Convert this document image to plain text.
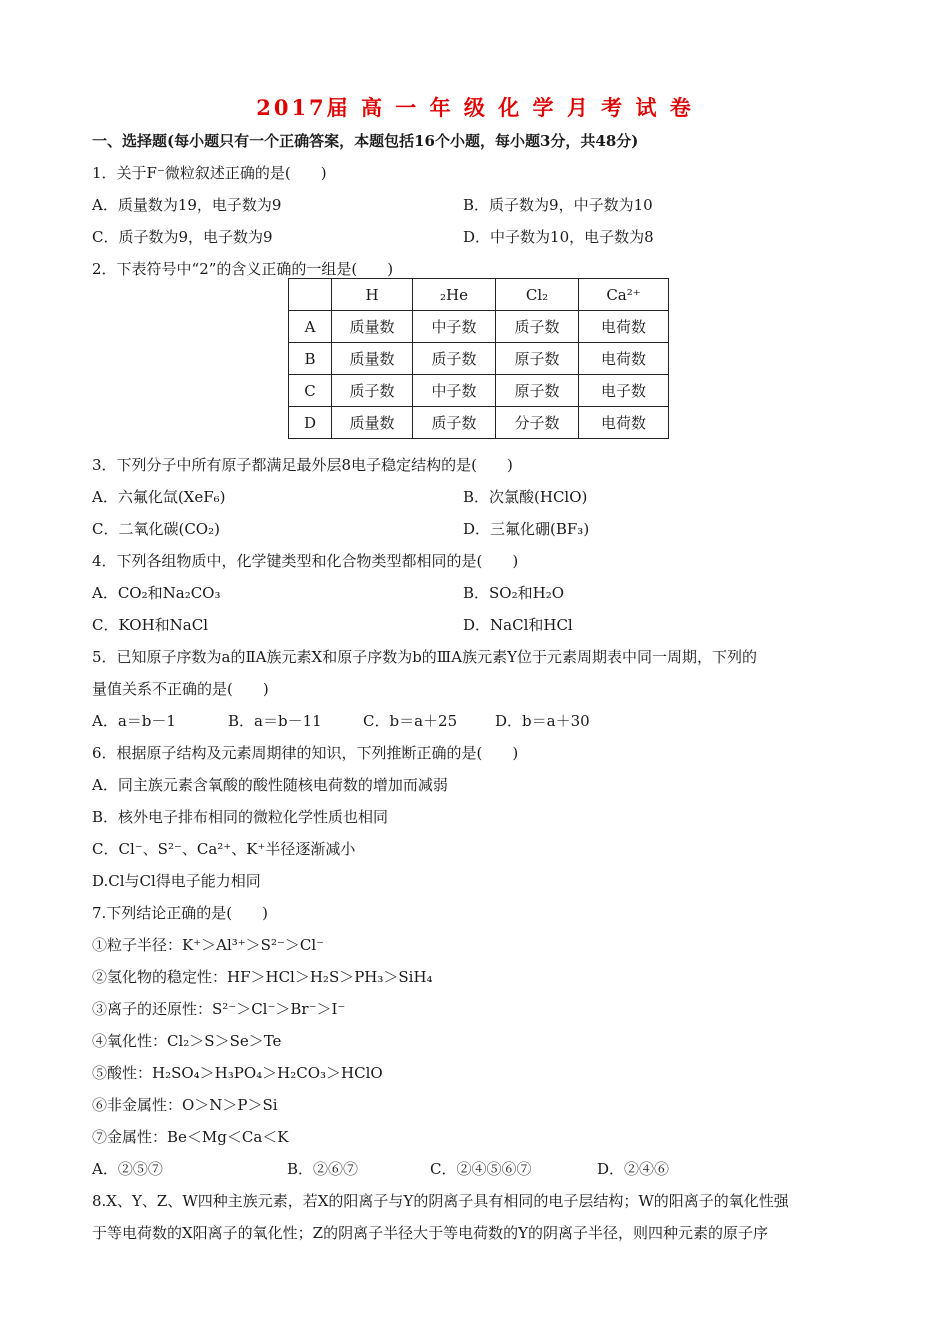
2017届 高 一 年 级 化 学 月 考 试 卷
一、选择题(每小题只有一个正确答案，本题包括16个小题，每小题3分，共48分)
1．关于F⁻微粒叙述正确的是(　　)
A．质量数为19，电子数为9	B．质子数为9，中子数为10
C．质子数为9，电子数为9	D．中子数为10，电子数为8
2．下表符号中“2”的含义正确的一组是(　　)
	H	₂He	Cl₂	Ca²⁺
A	质量数	中子数	质子数	电荷数
B	质量数	质子数	原子数	电荷数
C	质子数	中子数	原子数	电子数
D	质量数	质子数	分子数	电荷数
3．下列分子中所有原子都满足最外层8电子稳定结构的是(　　)
A．六氟化氙(XeF₆)	B．次氯酸(HClO)
C．二氧化碳(CO₂)	D．三氟化硼(BF₃)
4．下列各组物质中，化学键类型和化合物类型都相同的是(　　)
A．CO₂和Na₂CO₃	B．SO₂和H₂O
C．KOH和NaCl	D．NaCl和HCl
5．已知原子序数为a的ⅡA族元素X和原子序数为b的ⅢA族元素Y位于元素周期表中同一周期，下列的
量值关系不正确的是(　　)
A．a＝b－1	B．a＝b－11	C．b＝a＋25	D．b＝a＋30
6．根据原子结构及元素周期律的知识，下列推断正确的是(　　)
A．同主族元素含氧酸的酸性随核电荷数的增加而减弱
B．核外电子排布相同的微粒化学性质也相同
C．Cl⁻、S²⁻、Ca²⁺、K⁺半径逐渐减小
D.Cl与Cl得电子能力相同
7.下列结论正确的是(　　)
①粒子半径：K⁺＞Al³⁺＞S²⁻＞Cl⁻
②氢化物的稳定性：HF＞HCl＞H₂S＞PH₃＞SiH₄
③离子的还原性：S²⁻＞Cl⁻＞Br⁻＞I⁻
④氧化性：Cl₂＞S＞Se＞Te
⑤酸性：H₂SO₄＞H₃PO₄＞H₂CO₃＞HClO
⑥非金属性：O＞N＞P＞Si
⑦金属性：Be＜Mg＜Ca＜K
A．②⑤⑦	B．②⑥⑦	C．②④⑤⑥⑦	D．②④⑥
8.X、Y、Z、W四种主族元素，若X的阳离子与Y的阴离子具有相同的电子层结构；W的阳离子的氧化性强
于等电荷数的X阳离子的氧化性；Z的阴离子半径大于等电荷数的Y的阴离子半径，则四种元素的原子序
